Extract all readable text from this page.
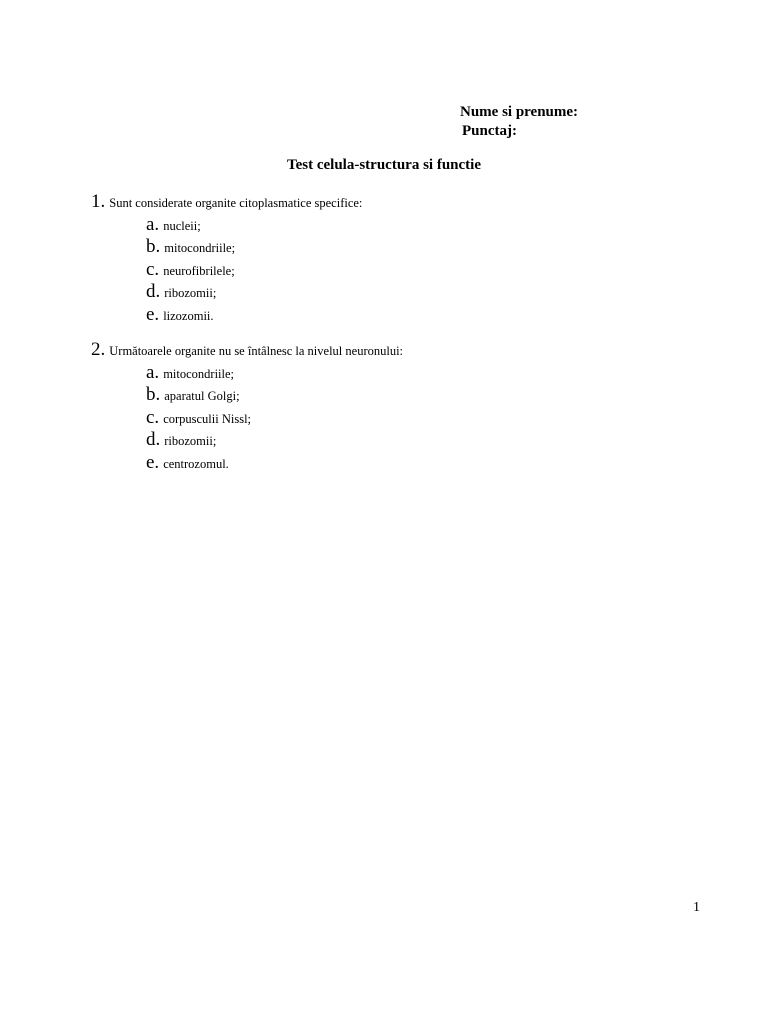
Nume si prenume:
Punctaj:
Test celula-structura si functie
1. Sunt considerate organite citoplasmatice specifice:
a. nucleii;
b. mitocondriile;
c. neurofibrilele;
d. ribozomii;
e. lizozomii.
2. Următoarele organite nu se întâlnesc la nivelul neuronului:
a. mitocondriile;
b. aparatul Golgi;
c. corpusculii Nissl;
d. ribozomii;
e. centrozomul.
1
